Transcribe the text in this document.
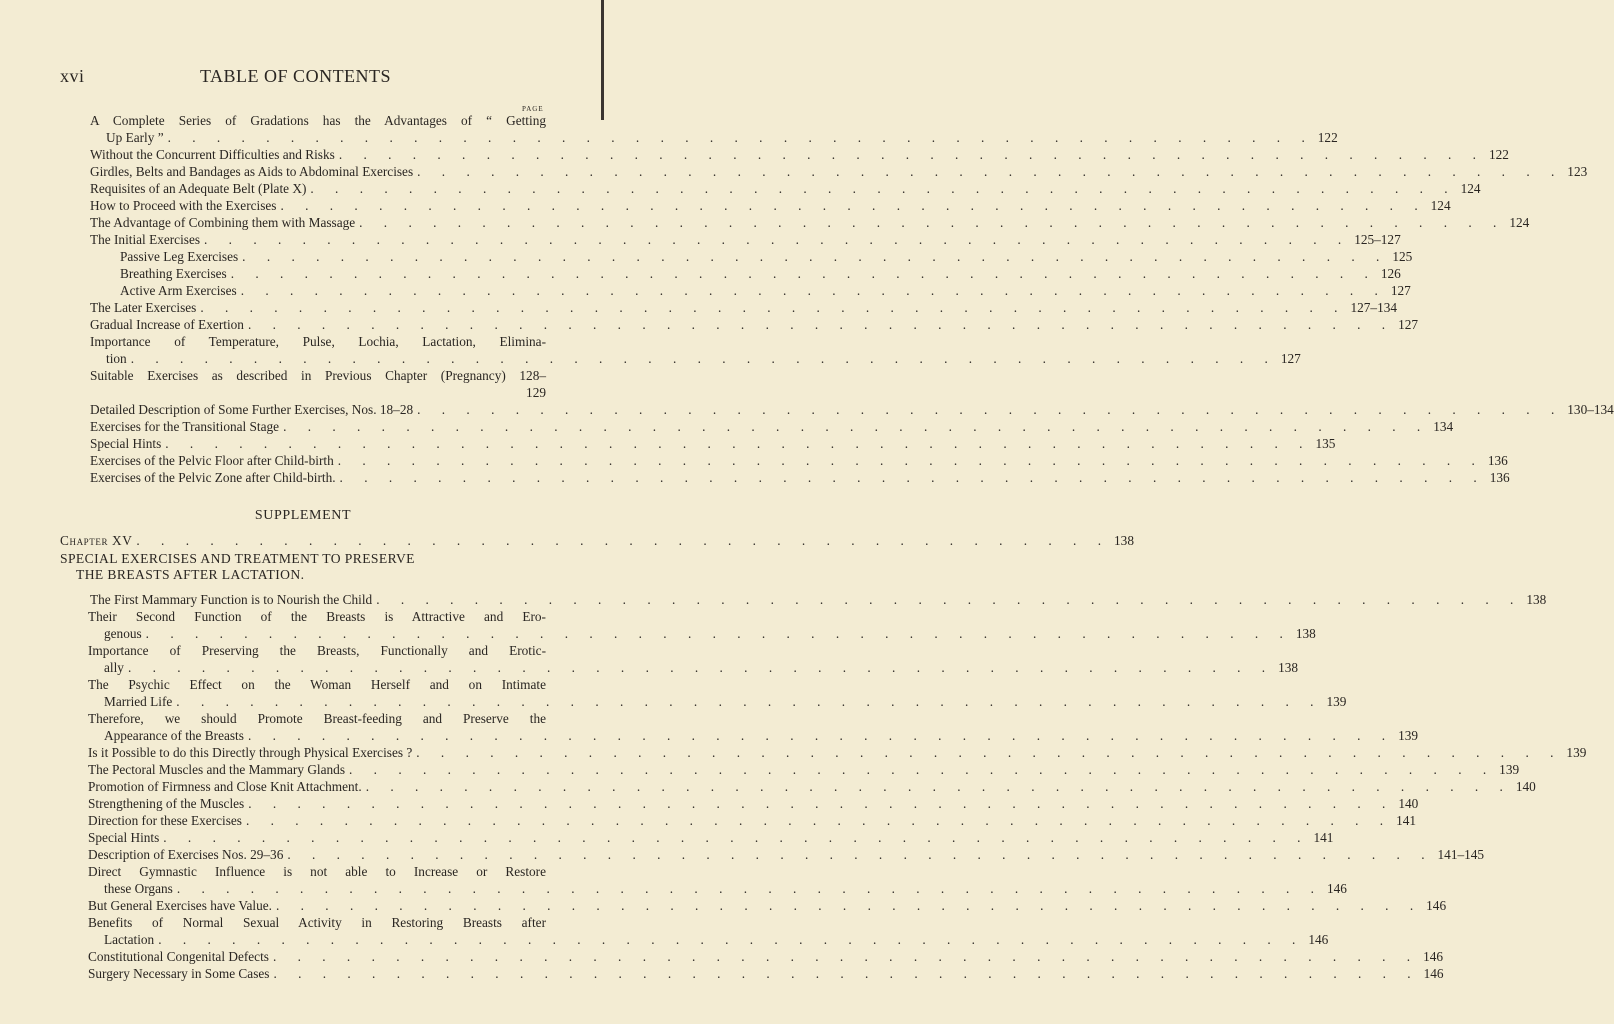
xvi	TABLE OF CONTENTS
PAGE
A Complete Series of Gradations has the Advantages of “ Getting
Up Early ” . . . . . . . . . . . . . . . . . . . . . . . . . . . . . . . . . . . . . . . . . . . . . . . 122
Without the Concurrent Difficulties and Risks . . . . . . . . . . . . . . . . . . . . . . . . . . . . . . . . . . . . . . . . . . . . . . . 122
Girdles, Belts and Bandages as Aids to Abdominal Exercises . . . . . . . . . . . . . . . . . . . . . . . . . . . . . . . . . . . . . . . . . . . . . . . 123
Requisites of an Adequate Belt (Plate X) . . . . . . . . . . . . . . . . . . . . . . . . . . . . . . . . . . . . . . . . . . . . . . . 124
How to Proceed with the Exercises . . . . . . . . . . . . . . . . . . . . . . . . . . . . . . . . . . . . . . . . . . . . . . . 124
The Advantage of Combining them with Massage . . . . . . . . . . . . . . . . . . . . . . . . . . . . . . . . . . . . . . . . . . . . . . . 124
The Initial Exercises . . . . . . . . . . . . . . . . . . . . . . . . . . . . . . . . . . . . . . . . . . . . . . . 125–127
Passive Leg Exercises . . . . . . . . . . . . . . . . . . . . . . . . . . . . . . . . . . . . . . . . . . . . . . . 125
Breathing Exercises . . . . . . . . . . . . . . . . . . . . . . . . . . . . . . . . . . . . . . . . . . . . . . . 126
Active Arm Exercises . . . . . . . . . . . . . . . . . . . . . . . . . . . . . . . . . . . . . . . . . . . . . . . 127
The Later Exercises . . . . . . . . . . . . . . . . . . . . . . . . . . . . . . . . . . . . . . . . . . . . . . . 127–134
Gradual Increase of Exertion . . . . . . . . . . . . . . . . . . . . . . . . . . . . . . . . . . . . . . . . . . . . . . . 127
Importance of Temperature, Pulse, Lochia, Lactation, Elimina-
tion . . . . . . . . . . . . . . . . . . . . . . . . . . . . . . . . . . . . . . . . . . . . . . . 127
Suitable Exercises as described in Previous Chapter (Pregnancy) 128–
129
Detailed Description of Some Further Exercises, Nos. 18–28 . . . . . . . . . . . . . . . . . . . . . . . . . . . . . . . . . . . . . . . . . . . . . . . 130–134
Exercises for the Transitional Stage . . . . . . . . . . . . . . . . . . . . . . . . . . . . . . . . . . . . . . . . . . . . . . . 134
Special Hints . . . . . . . . . . . . . . . . . . . . . . . . . . . . . . . . . . . . . . . . . . . . . . . 135
Exercises of the Pelvic Floor after Child-birth . . . . . . . . . . . . . . . . . . . . . . . . . . . . . . . . . . . . . . . . . . . . . . . 136
Exercises of the Pelvic Zone after Child-birth. . . . . . . . . . . . . . . . . . . . . . . . . . . . . . . . . . . . . . . . . . . . . . . . 136
SUPPLEMENT
Chapter XV . . . . . . . . . . . . . . . . . . . . . . . . . . . . . . . . . . . . . . . . 138
SPECIAL EXERCISES AND TREATMENT TO PRESERVE
THE BREASTS AFTER LACTATION.
The First Mammary Function is to Nourish the Child . . . . . . . . . . . . . . . . . . . . . . . . . . . . . . . . . . . . . . . . . . . . . . . 138
Their Second Function of the Breasts is Attractive and Ero-
genous . . . . . . . . . . . . . . . . . . . . . . . . . . . . . . . . . . . . . . . . . . . . . . . 138
Importance of Preserving the Breasts, Functionally and Erotic-
ally . . . . . . . . . . . . . . . . . . . . . . . . . . . . . . . . . . . . . . . . . . . . . . . 138
The Psychic Effect on the Woman Herself and on Intimate
Married Life . . . . . . . . . . . . . . . . . . . . . . . . . . . . . . . . . . . . . . . . . . . . . . . 139
Therefore, we should Promote Breast-feeding and Preserve the
Appearance of the Breasts . . . . . . . . . . . . . . . . . . . . . . . . . . . . . . . . . . . . . . . . . . . . . . . 139
Is it Possible to do this Directly through Physical Exercises ? . . . . . . . . . . . . . . . . . . . . . . . . . . . . . . . . . . . . . . . . . . . . . . . 139
The Pectoral Muscles and the Mammary Glands . . . . . . . . . . . . . . . . . . . . . . . . . . . . . . . . . . . . . . . . . . . . . . . 139
Promotion of Firmness and Close Knit Attachment. . . . . . . . . . . . . . . . . . . . . . . . . . . . . . . . . . . . . . . . . . . . . . . . 140
Strengthening of the Muscles . . . . . . . . . . . . . . . . . . . . . . . . . . . . . . . . . . . . . . . . . . . . . . . 140
Direction for these Exercises . . . . . . . . . . . . . . . . . . . . . . . . . . . . . . . . . . . . . . . . . . . . . . . 141
Special Hints . . . . . . . . . . . . . . . . . . . . . . . . . . . . . . . . . . . . . . . . . . . . . . . 141
Description of Exercises Nos. 29–36 . . . . . . . . . . . . . . . . . . . . . . . . . . . . . . . . . . . . . . . . . . . . . . . 141–145
Direct Gymnastic Influence is not able to Increase or Restore
these Organs . . . . . . . . . . . . . . . . . . . . . . . . . . . . . . . . . . . . . . . . . . . . . . . 146
But General Exercises have Value. . . . . . . . . . . . . . . . . . . . . . . . . . . . . . . . . . . . . . . . . . . . . . . . 146
Benefits of Normal Sexual Activity in Restoring Breasts after
Lactation . . . . . . . . . . . . . . . . . . . . . . . . . . . . . . . . . . . . . . . . . . . . . . . 146
Constitutional Congenital Defects . . . . . . . . . . . . . . . . . . . . . . . . . . . . . . . . . . . . . . . . . . . . . . . 146
Surgery Necessary in Some Cases . . . . . . . . . . . . . . . . . . . . . . . . . . . . . . . . . . . . . . . . . . . . . . . 146
